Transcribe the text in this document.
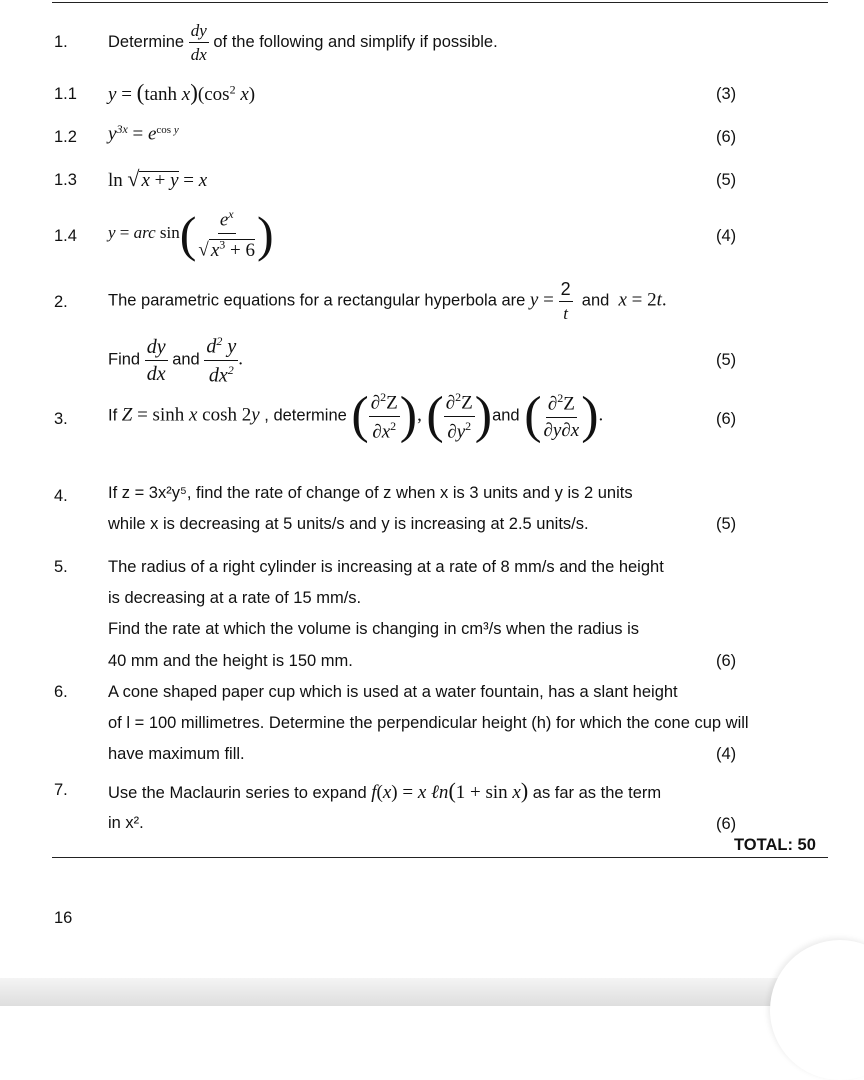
1. Determine $\frac{dy}{dx}$ of the following and simplify if possible.
1.1 y = (tanh $x)(\cos^2$ x)	(3)
1.2 $y^{3x} = e^{cos y}$	(6)
1.3 ln √ x + y = x	(5)
1.4 y = arc $\sin( \frac{e^x}{√ x^3 + 6}$ )	(4)
2. The parametric equations for a rectangular hyperbola are $y = \frac{2}{t}$ and x = 2t.
Find $\frac{dy}{dx}$ and $\frac{d^2 y}{dx^2}$ .	(5)
3. If Z = sinh x cosh 2y , determine ( $\frac{\partial^2Z}{\partial x^2}$ ), ( $\frac{\partial^2Z}{\partial y^2} )and$ ( $\frac{\partial^2Z}{\partial y\partial x}$ ).	(6)
4. If z = 3x²y⁵, find the rate of change of z when x is 3 units and y is 2 units
while x is decreasing at 5 units/s and y is increasing at 2.5 units/s.	(5)
5. The radius of a right cylinder is increasing at a rate of 8 mm/s and the height
is decreasing at a rate of 15 mm/s.
Find the rate at which the volume is changing in cm³/s when the radius is
40 mm and the height is 150 mm.	(6)
6. A cone shaped paper cup which is used at a water fountain, has a slant height
of l = 100 millimetres. Determine the perpendicular height (h) for which the cone cup will
have maximum fill.	(4)
7. Use the Maclaurin series to expand f(x) = x ℓn(1 + sin x) as far as the term
in x².	(6)
TOTAL: 50
16
